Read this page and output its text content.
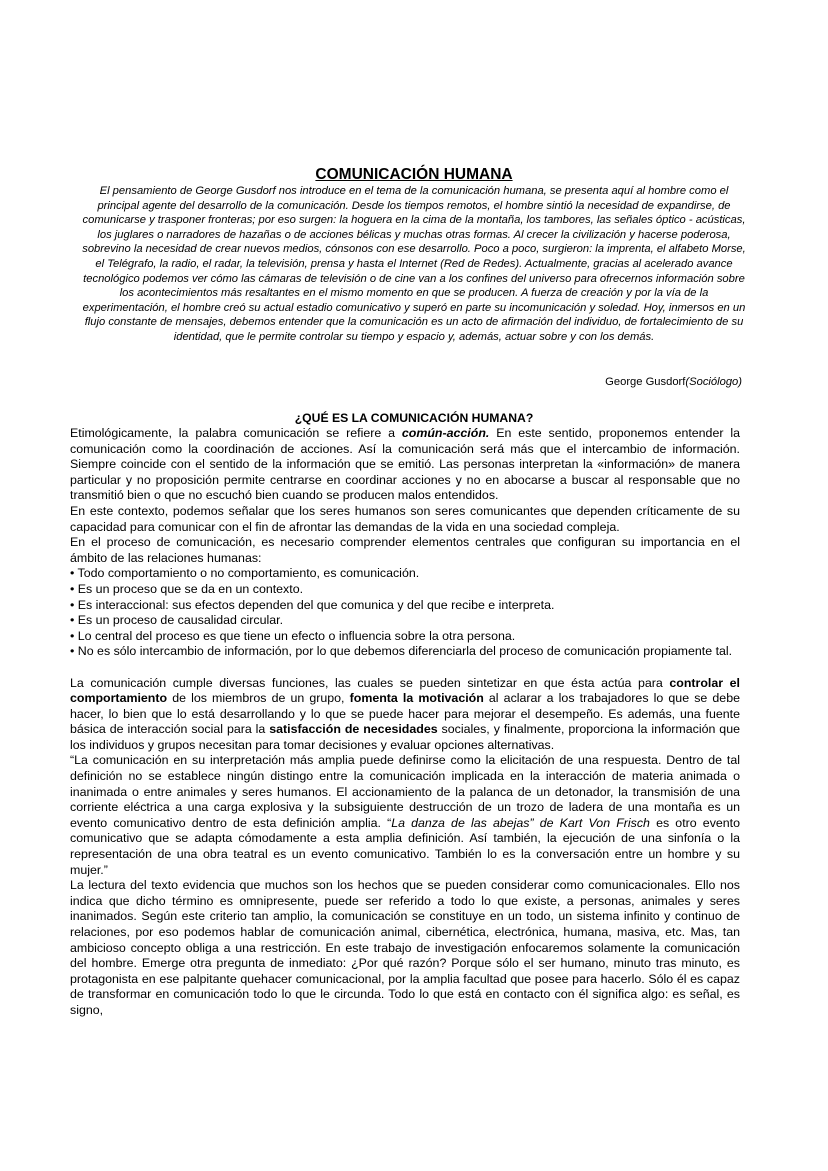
COMUNICACIÓN HUMANA

El pensamiento de George Gusdorf nos introduce en el tema de la comunicación humana, se presenta aquí al hombre como el principal agente del desarrollo de la comunicación. Desde los tiempos remotos, el hombre sintió la necesidad de expandirse, de comunicarse y trasponer fronteras; por eso surgen: la hoguera en la cima de la montaña, los tambores, las señales óptico - acústicas, los juglares o narradores de hazañas o de acciones bélicas y muchas otras formas. Al crecer la civilización y hacerse poderosa, sobrevino la necesidad de crear nuevos medios, cónsonos con ese desarrollo. Poco a poco, surgieron: la imprenta, el alfabeto Morse, el Telégrafo, la radio, el radar, la televisión, prensa y hasta el Internet (Red de Redes). Actualmente, gracias al acelerado avance tecnológico podemos ver cómo las cámaras de televisión o de cine van a los confines del universo para ofrecernos información sobre los acontecimientos más resaltantes en el mismo momento en que se producen. A fuerza de creación y por la vía de la experimentación, el hombre creó su actual estadio comunicativo y superó en parte su incomunicación y soledad. Hoy, inmersos en un flujo constante de mensajes, debemos entender que la comunicación es un acto de afirmación del individuo, de fortalecimiento de su identidad, que le permite controlar su tiempo y espacio y, además, actuar sobre y con los demás.

George Gusdorf(Sociólogo)

¿QUÉ ES LA COMUNICACIÓN HUMANA?

Etimológicamente, la palabra comunicación se refiere a común-acción. En este sentido, proponemos entender la comunicación como la coordinación de acciones. Así la comunicación será más que el intercambio de información. Siempre coincide con el sentido de la información que se emitió. Las personas interpretan la «información» de manera particular y no proposición permite centrarse en coordinar acciones y no en abocarse a buscar al responsable que no transmitió bien o que no escuchó bien cuando se producen malos entendidos.

En este contexto, podemos señalar que los seres humanos son seres comunicantes que dependen críticamente de su capacidad para comunicar con el fin de afrontar las demandas de la vida en una sociedad compleja.

En el proceso de comunicación, es necesario comprender elementos centrales que configuran su importancia en el ámbito de las relaciones humanas:

• Todo comportamiento o no comportamiento, es comunicación.
• Es un proceso que se da en un contexto.
• Es interaccional: sus efectos dependen del que comunica y del que recibe e interpreta.
• Es un proceso de causalidad circular.
• Lo central del proceso es que tiene un efecto o influencia sobre la otra persona.
• No es sólo intercambio de información, por lo que debemos diferenciarla del proceso de comunicación propiamente tal.

La comunicación cumple diversas funciones, las cuales se pueden sintetizar en que ésta actúa para controlar el comportamiento de los miembros de un grupo, fomenta la motivación al aclarar a los trabajadores lo que se debe hacer, lo bien que lo está desarrollando y lo que se puede hacer para mejorar el desempeño. Es además, una fuente básica de interacción social para la satisfacción de necesidades sociales, y finalmente, proporciona la información que los individuos y grupos necesitan para tomar decisiones y evaluar opciones alternativas.

“La comunicación en su interpretación más amplia puede definirse como la elicitación de una respuesta. Dentro de tal definición no se establece ningún distingo entre la comunicación implicada en la interacción de materia animada o inanimada o entre animales y seres humanos. El accionamiento de la palanca de un detonador, la transmisión de una corriente eléctrica a una carga explosiva y la subsiguiente destrucción de un trozo de ladera de una montaña es un evento comunicativo dentro de esta definición amplia. “La danza de las abejas” de Kart Von Frisch es otro evento comunicativo que se adapta cómodamente a esta amplia definición. Así también, la ejecución de una sinfonía o la representación de una obra teatral es un evento comunicativo. También lo es la conversación entre un hombre y su mujer.”

La lectura del texto evidencia que muchos son los hechos que se pueden considerar como comunicacionales. Ello nos indica que dicho término es omnipresente, puede ser referido a todo lo que existe, a personas, animales y seres inanimados. Según este criterio tan amplio, la comunicación se constituye en un todo, un sistema infinito y continuo de relaciones, por eso podemos hablar de comunicación animal, cibernética, electrónica, humana, masiva, etc. Mas, tan ambicioso concepto obliga a una restricción. En este trabajo de investigación enfocaremos solamente la comunicación del hombre. Emerge otra pregunta de inmediato: ¿Por qué razón? Porque sólo el ser humano, minuto tras minuto, es protagonista en ese palpitante quehacer comunicacional, por la amplia facultad que posee para hacerlo. Sólo él es capaz de transformar en comunicación todo lo que le circunda. Todo lo que está en contacto con él significa algo: es señal, es signo,
